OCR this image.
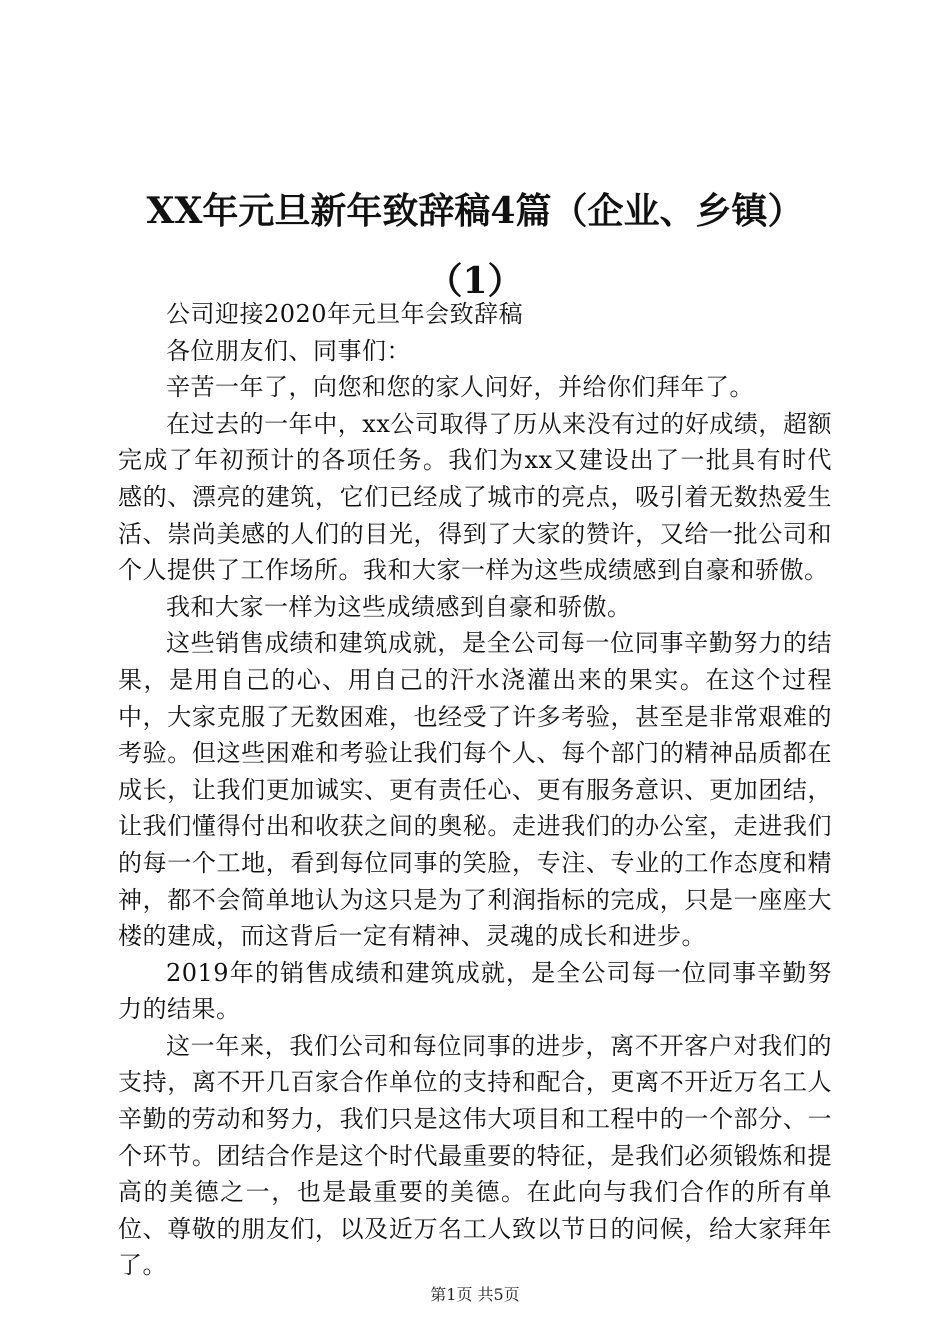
XX年元旦新年致辞稿4篇（企业、乡镇）
（1）

公司迎接2020年元旦年会致辞稿

各位朋友们、同事们：

辛苦一年了，向您和您的家人问好，并给你们拜年了。

在过去的一年中，xx公司取得了历从来没有过的好成绩，超额完成了年初预计的各项任务。我们为xx又建设出了一批具有时代感的、漂亮的建筑，它们已经成了城市的亮点，吸引着无数热爱生活、崇尚美感的人们的目光，得到了大家的赞许，又给一批公司和个人提供了工作场所。我和大家一样为这些成绩感到自豪和骄傲。

我和大家一样为这些成绩感到自豪和骄傲。

这些销售成绩和建筑成就，是全公司每一位同事辛勤努力的结果，是用自己的心、用自己的汗水浇灌出来的果实。在这个过程中，大家克服了无数困难，也经受了许多考验，甚至是非常艰难的考验。但这些困难和考验让我们每个人、每个部门的精神品质都在成长，让我们更加诚实、更有责任心、更有服务意识、更加团结，让我们懂得付出和收获之间的奥秘。走进我们的办公室，走进我们的每一个工地，看到每位同事的笑脸，专注、专业的工作态度和精神，都不会简单地认为这只是为了利润指标的完成，只是一座座大楼的建成，而这背后一定有精神、灵魂的成长和进步。

2019年的销售成绩和建筑成就，是全公司每一位同事辛勤努力的结果。

这一年来，我们公司和每位同事的进步，离不开客户对我们的支持，离不开几百家合作单位的支持和配合，更离不开近万名工人辛勤的劳动和努力，我们只是这伟大项目和工程中的一个部分、一个环节。团结合作是这个时代最重要的特征，是我们必须锻炼和提高的美德之一，也是最重要的美德。在此向与我们合作的所有单位、尊敬的朋友们，以及近万名工人致以节日的问候，给大家拜年了。

第1页 共5页
